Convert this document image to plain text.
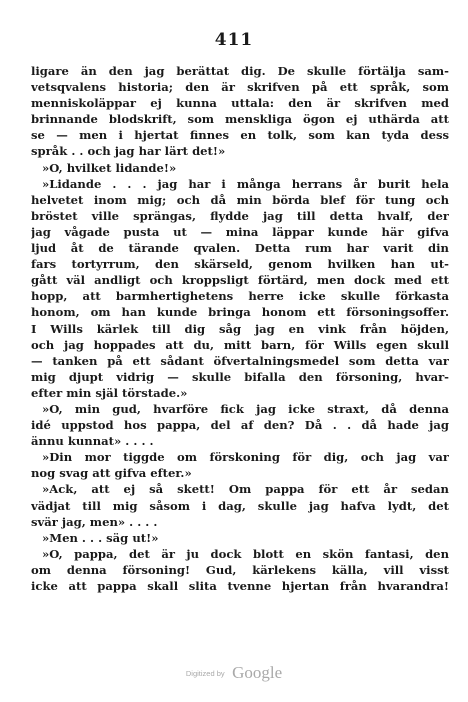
411
ligare än den jag berättat dig. De skulle förtälja sam-
vetsqvalens historia; den är skrifven på ett språk, som
menniskoläppar ej kunna uttala: den är skrifven med
brinnande blodskrift, som menskliga ögon ej uthärda att
se — men i hjertat finnes en tolk, som kan tyda dess
språk . . och jag har lärt det!»
»O, hvilket lidande!»
»Lidande . . . jag har i många herrans år burit hela
helvetet inom mig; och då min börda blef för tung och
bröstet ville sprängas, flydde jag till detta hvalf, der
jag vågade pusta ut — mina läppar kunde här gifva
ljud åt de tärande qvalen. Detta rum har varit din
fars tortyrrum, den skärseld, genom hvilken han ut-
gått väl andligt och kroppsligt förtärd, men dock med ett
hopp, att barmhertighetens herre icke skulle förkasta
honom, om han kunde bringa honom ett försoningsoffer.
I Wills kärlek till dig såg jag en vink från höjden,
och jag hoppades att du, mitt barn, för Wills egen skull
— tanken på ett sådant öfvertalningsmedel som detta var
mig djupt vidrig — skulle bifalla den försoning, hvar-
efter min själ törstade.»
»O, min gud, hvarföre fick jag icke straxt, då denna
idé uppstod hos pappa, del af den? Då . . då hade jag
ännu kunnat» . . . .
»Din mor tiggde om förskoning för dig, och jag var
nog svag att gifva efter.»
»Ack, att ej så skett! Om pappa för ett år sedan
vädjat till mig såsom i dag, skulle jag hafva lydt, det
svär jag, men» . . . .
»Men . . . säg ut!»
»O, pappa, det är ju dock blott en skön fantasi, den
om denna försoning! Gud, kärlekens källa, vill visst
icke att pappa skall slita tvenne hjertan från hvarandra!
Digitized by Google
